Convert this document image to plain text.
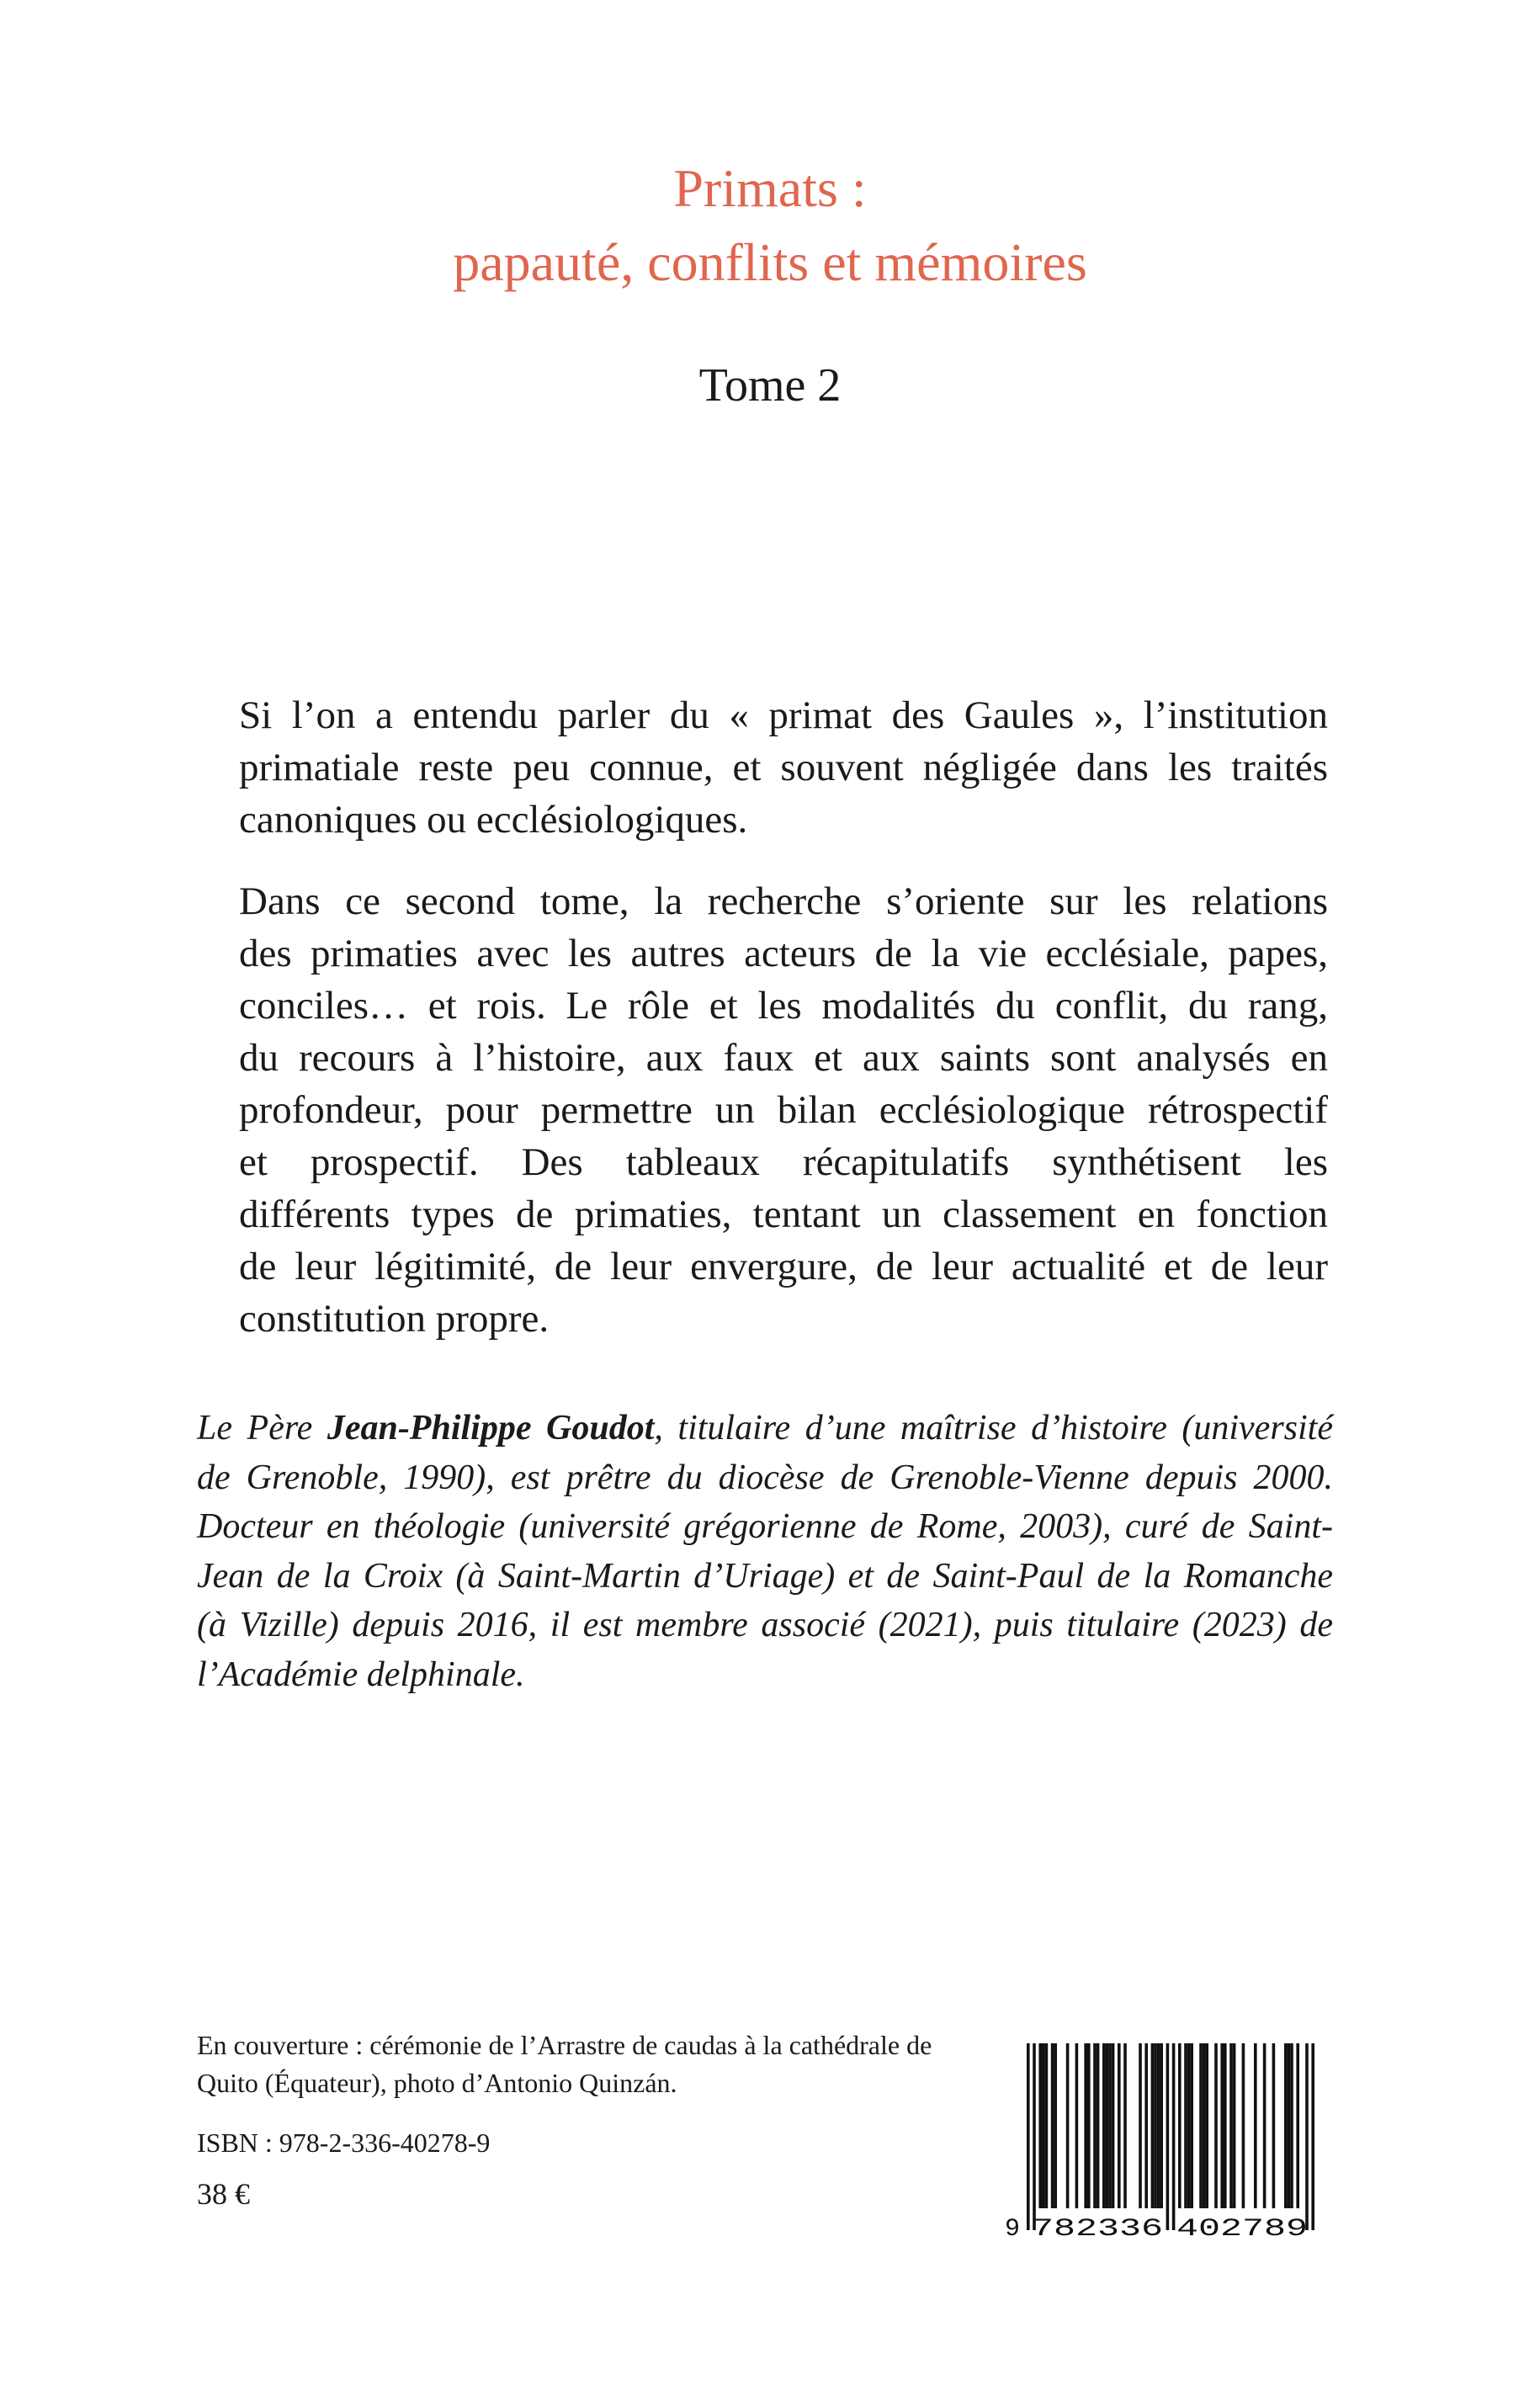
Primats :
papauté, conflits et mémoires
Tome 2

Si l’on a entendu parler du « primat des Gaules », l’institution
primatiale reste peu connue, et souvent négligée dans les traités
canoniques ou ecclésiologiques.

Dans ce second tome, la recherche s’oriente sur les relations
des primaties avec les autres acteurs de la vie ecclésiale, papes,
conciles… et rois. Le rôle et les modalités du conflit, du rang,
du recours à l’histoire, aux faux et aux saints sont analysés en
profondeur, pour permettre un bilan ecclésiologique rétrospectif
et prospectif. Des tableaux récapitulatifs synthétisent les
différents types de primaties, tentant un classement en fonction
de leur légitimité, de leur envergure, de leur actualité et de leur
constitution propre.

Le Père Jean-Philippe Goudot, titulaire d’une maîtrise d’histoire (université
de Grenoble, 1990), est prêtre du diocèse de Grenoble-Vienne depuis 2000.
Docteur en théologie (université grégorienne de Rome, 2003), curé de Saint-
Jean de la Croix (à Saint-Martin d’Uriage) et de Saint-Paul de la Romanche
(à Vizille) depuis 2016, il est membre associé (2021), puis titulaire (2023) de
l’Académie delphinale.

En couverture : cérémonie de l’Arrastre de caudas à la cathédrale de
Quito (Équateur), photo d’Antonio Quinzán.
ISBN : 978-2-336-40278-9
38 €
9 782336 402789
